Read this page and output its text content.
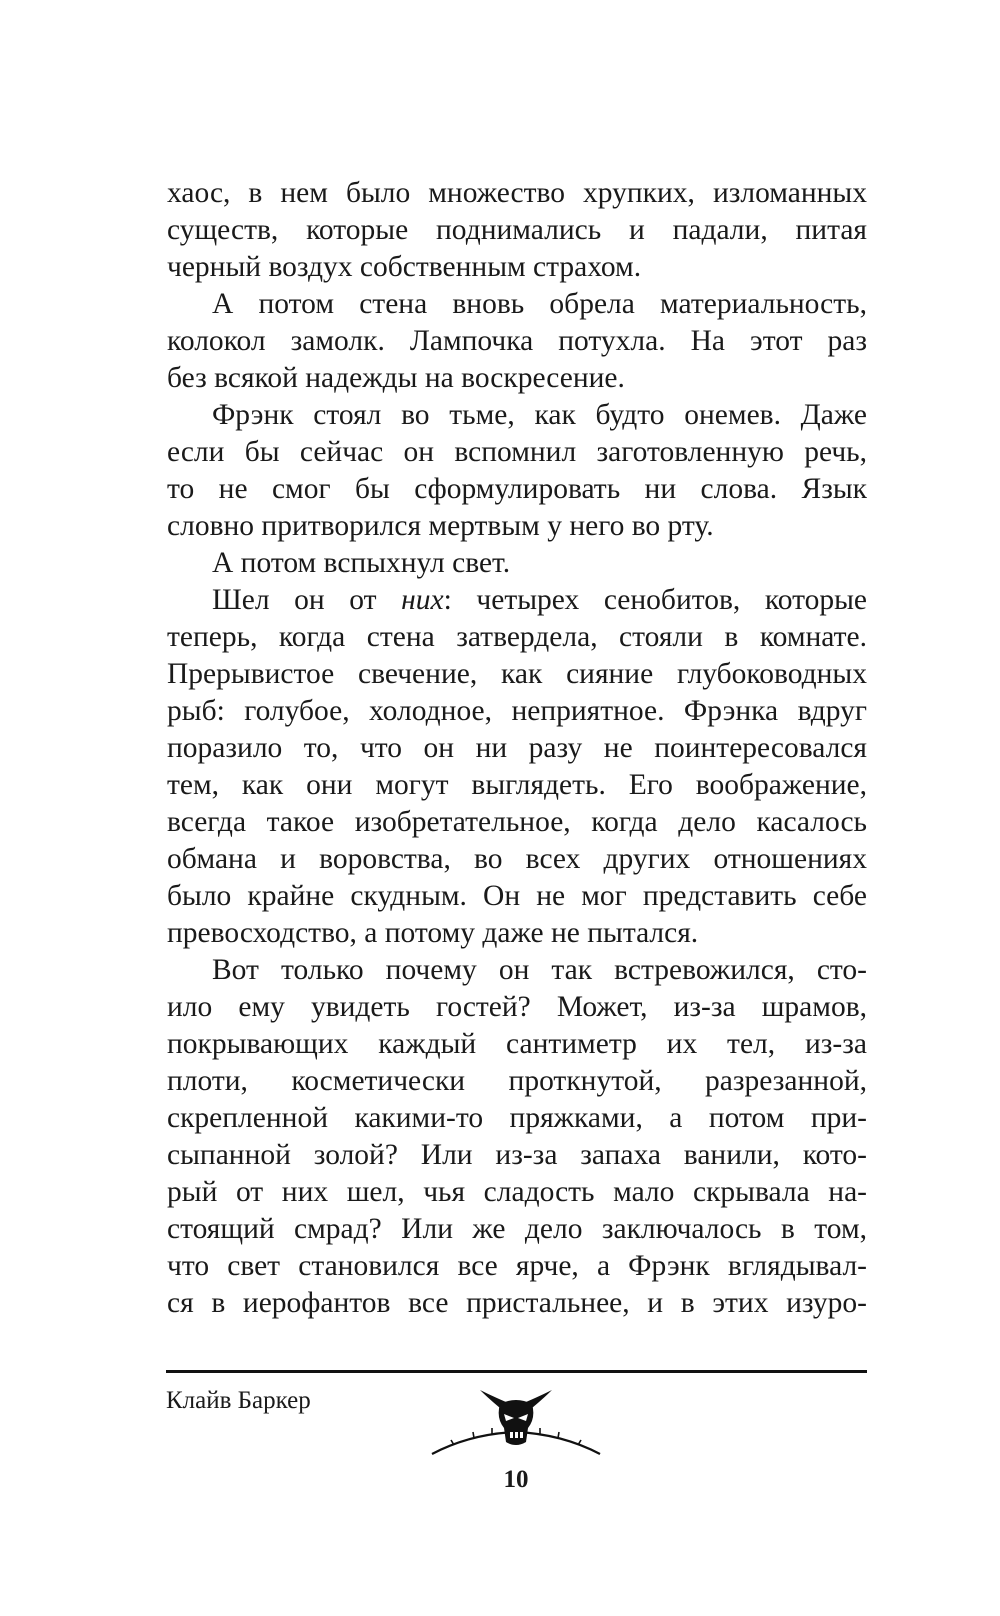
хаос, в нем было множество хрупких, изломанных
существ, которые поднимались и падали, питая
черный воздух собственным страхом.
А потом стена вновь обрела материальность,
колокол замолк. Лампочка потухла. На этот раз
без всякой надежды на воскресение.
Фрэнк стоял во тьме, как будто онемев. Даже
если бы сейчас он вспомнил заготовленную речь,
то не смог бы сформулировать ни слова. Язык
словно притворился мертвым у него во рту.
А потом вспыхнул свет.
Шел он от них: четырех сенобитов, которые
теперь, когда стена затвердела, стояли в комнате.
Прерывистое свечение, как сияние глубоководных
рыб: голубое, холодное, неприятное. Фрэнка вдруг
поразило то, что он ни разу не поинтересовался
тем, как они могут выглядеть. Его воображение,
всегда такое изобретательное, когда дело касалось
обмана и воровства, во всех других отношениях
было крайне скудным. Он не мог представить себе
превосходство, а потому даже не пытался.
Вот только почему он так встревожился, сто-
ило ему увидеть гостей? Может, из-за шрамов,
покрывающих каждый сантиметр их тел, из-за
плоти, косметически проткнутой, разрезанной,
скрепленной какими-то пряжками, а потом при-
сыпанной золой? Или из-за запаха ванили, кото-
рый от них шел, чья сладость мало скрывала на-
стоящий смрад? Или же дело заключалось в том,
что свет становился все ярче, а Фрэнк вглядывал-
ся в иерофантов все пристальнее, и в этих изуро-
Клайв Баркер
10
